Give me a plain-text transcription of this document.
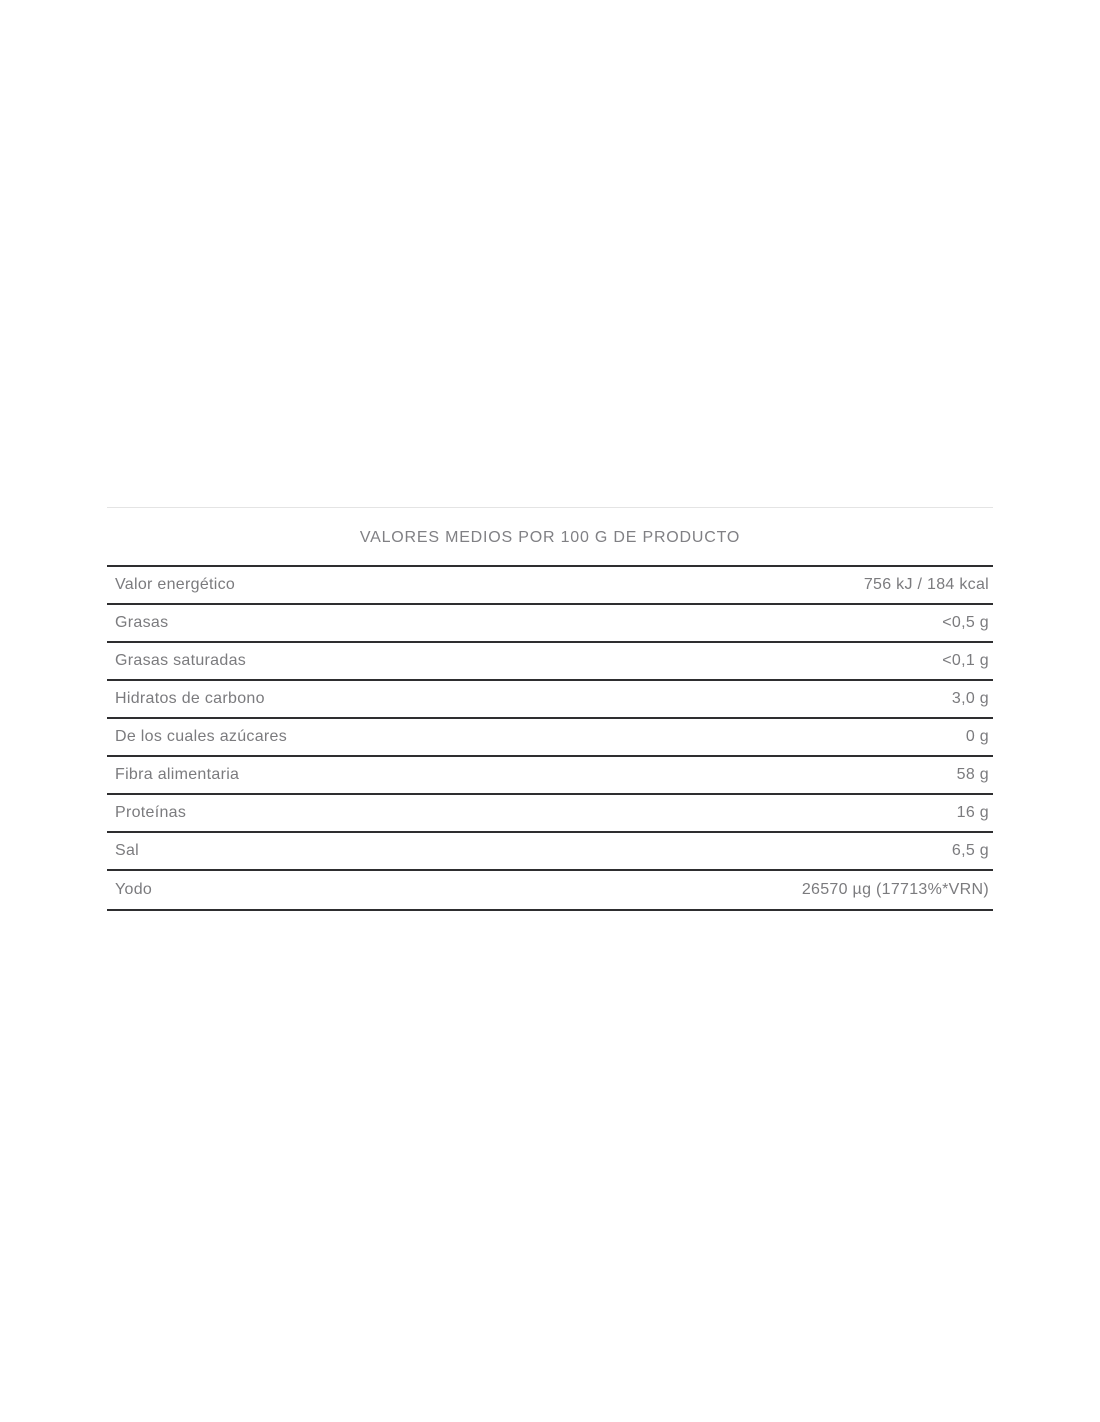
VALORES MEDIOS POR 100 G DE PRODUCTO
Valor energético	756 kJ / 184 kcal
Grasas	<0,5 g
Grasas saturadas	<0,1 g
Hidratos de carbono	3,0 g
De los cuales azúcares	0 g
Fibra alimentaria	58 g
Proteínas	16 g
Sal	6,5 g
Yodo	26570 µg (17713%*VRN)
